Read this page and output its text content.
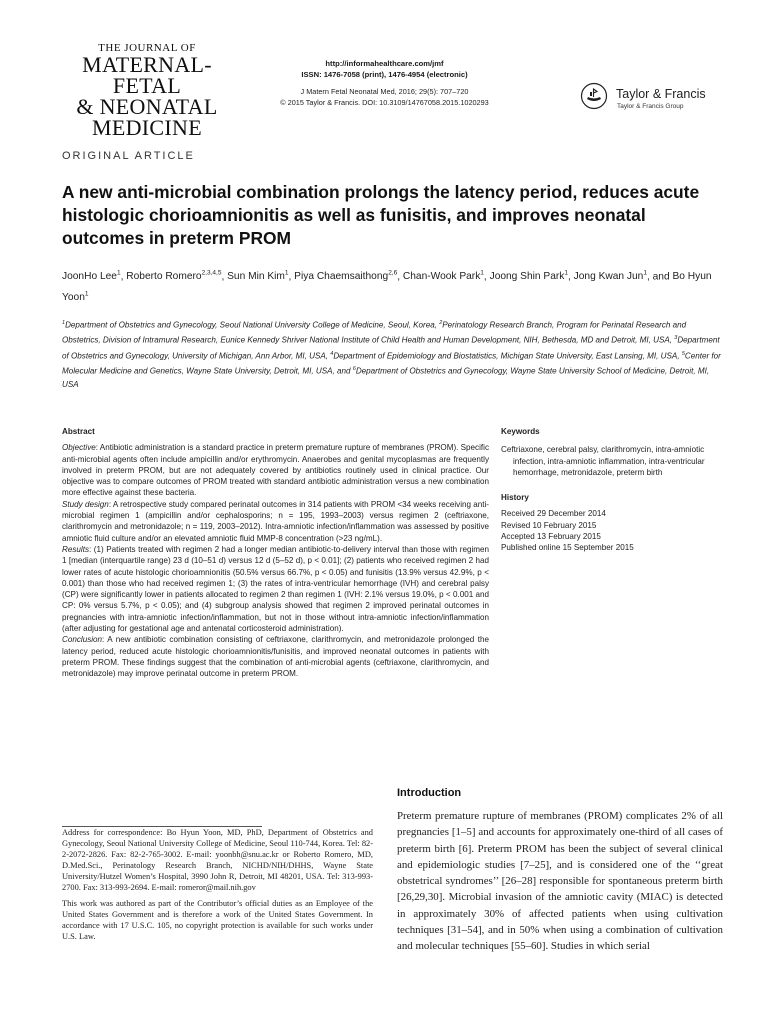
THE JOURNAL OF
MATERNAL-FETAL
& NEONATAL
MEDICINE
http://informahealthcare.com/jmf
ISSN: 1476-7058 (print), 1476-4954 (electronic)
J Matern Fetal Neonatal Med, 2016; 29(5): 707–720
© 2015 Taylor & Francis. DOI: 10.3109/14767058.2015.1020293
Taylor & Francis
Taylor & Francis Group
ORIGINAL ARTICLE
A new anti-microbial combination prolongs the latency period, reduces acute histologic chorioamnionitis as well as funisitis, and improves neonatal outcomes in preterm PROM
JoonHo Lee$^1$, Roberto Romero$^{2,3,4,5}$, Sun Min Kim$^1$, Piya Chaemsaithong$^{2,6}$, Chan-Wook Park$^1$, Joong Shin Park$^1$, Jong Kwan Jun$^1$, and Bo Hyun Yoon$^1$
$^1$Department of Obstetrics and Gynecology, Seoul National University College of Medicine, Seoul, Korea, $^2$Perinatology Research Branch, Program for Perinatal Research and Obstetrics, Division of Intramural Research, Eunice Kennedy Shriver National Institute of Child Health and Human Development, NIH, Bethesda, MD and Detroit, MI, USA, $^3$Department of Obstetrics and Gynecology, University of Michigan, Ann Arbor, MI, USA, $^4$Department of Epidemiology and Biostatistics, Michigan State University, East Lansing, MI, USA, $^5$Center for Molecular Medicine and Genetics, Wayne State University, Detroit, MI, USA, and $^6$Department of Obstetrics and Gynecology, Wayne State University School of Medicine, Detroit, MI, USA
Abstract

Objective: Antibiotic administration is a standard practice in preterm premature rupture of membranes (PROM). Specific anti-microbial agents often include ampicillin and/or erythromycin. Anaerobes and genital mycoplasmas are frequently involved in preterm PROM, but are not adequately covered by antibiotics routinely used in clinical practice. Our objective was to compare outcomes of PROM treated with standard antibiotic administration versus a new combination more effective against these bacteria.

Study design: A retrospective study compared perinatal outcomes in 314 patients with PROM <34 weeks receiving anti-microbial regimen 1 (ampicillin and/or cephalosporins; n = 195, 1993–2003) versus regimen 2 (ceftriaxone, clarithromycin and metronidazole; n = 119, 2003–2012). Intra-amniotic infection/inflammation was assessed by positive amniotic fluid culture and/or an elevated amniotic fluid MMP-8 concentration (>23 ng/mL).

Results: (1) Patients treated with regimen 2 had a longer median antibiotic-to-delivery interval than those with regimen 1 [median (interquartile range) 23 d (10–51 d) versus 12 d (5–52 d), p < 0.01]; (2) patients who received regimen 2 had lower rates of acute histologic chorioamnionitis (50.5% versus 66.7%, p < 0.05) and funisitis (13.9% versus 42.9%, p < 0.001) than those who had received regimen 1; (3) the rates of intra-ventricular hemorrhage (IVH) and cerebral palsy (CP) were significantly lower in patients allocated to regimen 2 than regimen 1 (IVH: 2.1% versus 19.0%, p < 0.001 and CP: 0% versus 5.7%, p < 0.05); and (4) subgroup analysis showed that regimen 2 improved perinatal outcomes in pregnancies with intra-amniotic infection/inflammation, but not in those without intra-amniotic infection/inflammation (after adjusting for gestational age and antenatal corticosteroid administration).

Conclusion: A new antibiotic combination consisting of ceftriaxone, clarithromycin, and metronidazole prolonged the latency period, reduced acute histologic chorioamnionitis/funisitis, and improved neonatal outcomes in patients with preterm PROM. These findings suggest that the combination of anti-microbial agents (ceftriaxone, clarithromycin, and metronidazole) may improve perinatal outcome in preterm PROM.

Keywords
Ceftriaxone, cerebral palsy, clarithromycin, intra-amniotic infection, intra-amniotic inflammation, intra-ventricular hemorrhage, metronidazole, preterm birth
History
Received 29 December 2014
Revised 10 February 2015
Accepted 13 February 2015
Published online 15 September 2015
Introduction
Preterm premature rupture of membranes (PROM) complicates 2% of all pregnancies [1–5] and accounts for approximately one-third of all cases of preterm birth [6]. Preterm PROM has been the subject of several clinical and epidemiologic studies [7–25], and is considered one of the ‘‘great obstetrical syndromes’’ [26–28] responsible for spontaneous preterm birth [26,29,30]. Microbial invasion of the amniotic cavity (MIAC) is detected in approximately 30% of affected patients when using cultivation techniques [31–54], and in 50% when using a combination of cultivation and molecular techniques [55–60]. Studies in which serial

Address for correspondence: Bo Hyun Yoon, MD, PhD, Department of Obstetrics and Gynecology, Seoul National University College of Medicine, Seoul 110-744, Korea. Tel: 82-2-2072-2826. Fax: 82-2-765-3002. E-mail: yoonbh@snu.ac.kr or Roberto Romero, MD, D.Med.Sci., Perinatology Research Branch, NICHD/NIH/DHHS, Wayne State University/Hutzel Women’s Hospital, 3990 John R, Detroit, MI 48201, USA. Tel: 313-993-2700. Fax: 313-993-2694. E-mail: romeror@mail.nih.gov

This work was authored as part of the Contributor’s official duties as an Employee of the United States Government and is therefore a work of the United States Government. In accordance with 17 U.S.C. 105, no copyright protection is available for such works under U.S. Law.
